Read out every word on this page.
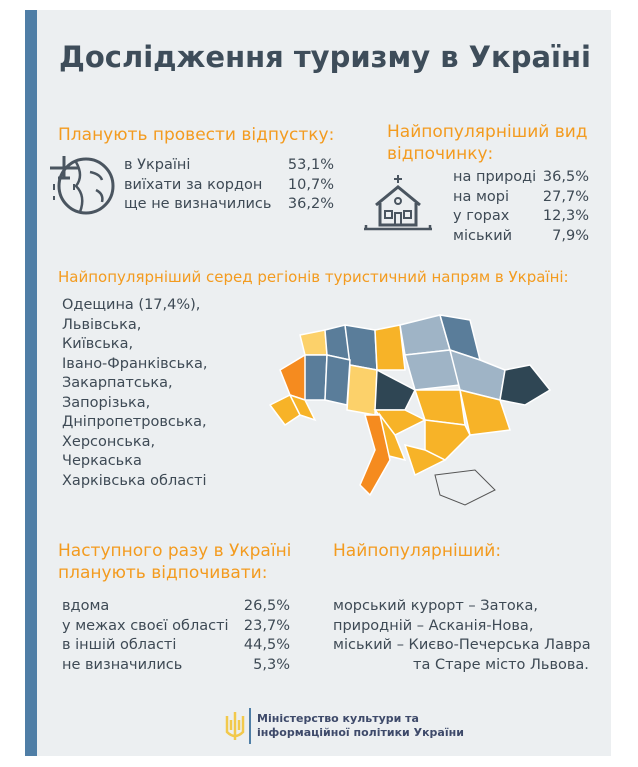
Дослідження туризму в Україні
Планують провести відпустку:
в Україні	53,1%
виїхати за кордон 10,7%
ще не визначились 36,2%
Найпопулярніший вид
відпочинку:
на природі 36,5%
на морі 27,7%
у горах 12,3%
міський	7,9%
Найпопулярніший серед регіонів туристичний напрям в Україні:
Одещина (17,4%),
Львівська,
Київська,
Івано-Франківська,
Закарпатська,
Запорізька,
Дніпропетровська,
Херсонська,
Черкаська
Харківська області
Наступного разу в Україні
планують відпочивати:
вдома	26,5%
у межах своєї області 23,7%
в іншій області	44,5%
не визначились	5,3%
Найпопулярніший:
морський курорт – Затока,
природній – Асканія-Нова,
міський – Києво-Печерська Лавра
та Старе місто Львова.
Міністерство культури та
інформаційної політики України
